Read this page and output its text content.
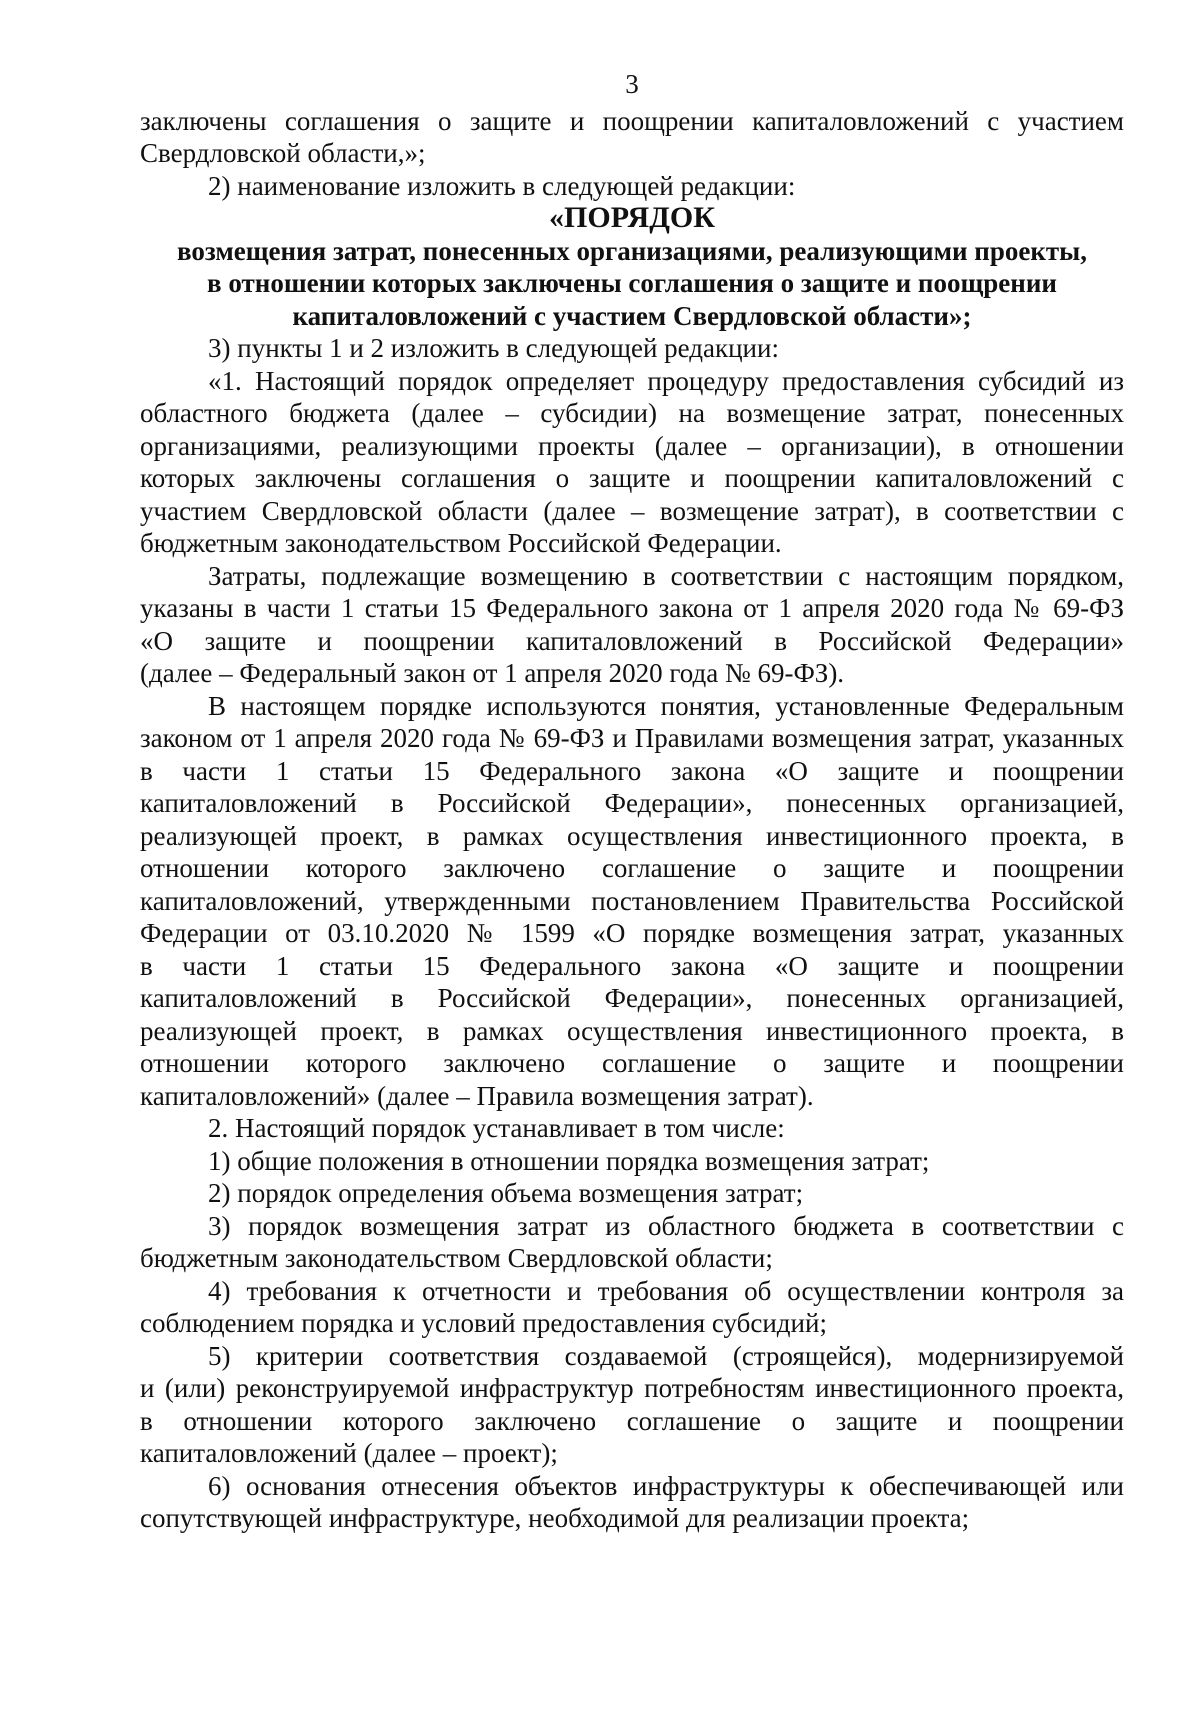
3
заключены соглашения о защите и поощрении капиталовложений с участием
Свердловской области,»;
2) наименование изложить в следующей редакции:
«ПОРЯДОК
возмещения затрат, понесенных организациями, реализующими проекты,
в отношении которых заключены соглашения о защите и поощрении
капиталовложений с участием Свердловской области»;
3) пункты 1 и 2 изложить в следующей редакции:
«1. Настоящий порядок определяет процедуру предоставления субсидий из
областного бюджета (далее – субсидии) на возмещение затрат, понесенных
организациями, реализующими проекты (далее – организации), в отношении
которых заключены соглашения о защите и поощрении капиталовложений с
участием Свердловской области (далее – возмещение затрат), в соответствии с
бюджетным законодательством Российской Федерации.
Затраты, подлежащие возмещению в соответствии с настоящим порядком,
указаны в части 1 статьи 15 Федерального закона от 1 апреля 2020 года № 69-ФЗ
«О защите и поощрении капиталовложений в Российской Федерации»
(далее – Федеральный закон от 1 апреля 2020 года № 69-ФЗ).
В настоящем порядке используются понятия, установленные Федеральным
законом от 1 апреля 2020 года № 69-ФЗ и Правилами возмещения затрат, указанных
в части 1 статьи 15 Федерального закона «О защите и поощрении
капиталовложений в Российской Федерации», понесенных организацией,
реализующей проект, в рамках осуществления инвестиционного проекта, в
отношении которого заключено соглашение о защите и поощрении
капиталовложений, утвержденными постановлением Правительства Российской
Федерации от 03.10.2020 № 1599 «О порядке возмещения затрат, указанных
в части 1 статьи 15 Федерального закона «О защите и поощрении
капиталовложений в Российской Федерации», понесенных организацией,
реализующей проект, в рамках осуществления инвестиционного проекта, в
отношении которого заключено соглашение о защите и поощрении
капиталовложений» (далее – Правила возмещения затрат).
2. Настоящий порядок устанавливает в том числе:
1) общие положения в отношении порядка возмещения затрат;
2) порядок определения объема возмещения затрат;
3) порядок возмещения затрат из областного бюджета в соответствии с
бюджетным законодательством Свердловской области;
4) требования к отчетности и требования об осуществлении контроля за
соблюдением порядка и условий предоставления субсидий;
5) критерии соответствия создаваемой (строящейся), модернизируемой
и (или) реконструируемой инфраструктур потребностям инвестиционного проекта,
в отношении которого заключено соглашение о защите и поощрении
капиталовложений (далее – проект);
6) основания отнесения объектов инфраструктуры к обеспечивающей или
сопутствующей инфраструктуре, необходимой для реализации проекта;
